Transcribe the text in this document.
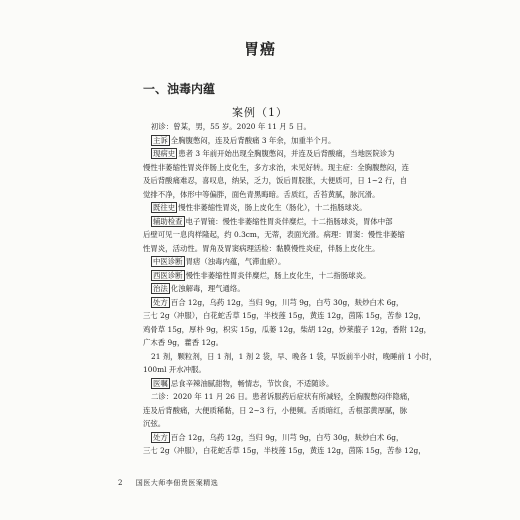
胃癌
一、浊毒内蕴
案例（1）
初诊：曾某，男，55 岁。2020 年 11 月 5 日。
主诉 全胸腹憋闷，连及后背酸痛 3 年余，加重半个月。
现病史 患者 3 年前开始出现全胸腹憋闷，并连及后背酸痛，当地医院诊为
慢性非萎缩性胃炎伴肠上皮化生，多方求治，未见好转。现主症：全胸腹憋闷，连
及后背酸痛难忍，喜叹息，纳呆，乏力，饭后胃脘胀，大便质可，日 1~2 行，自
觉排不净，体形中等偏胖，面色青黑晦暗。舌质红，舌苔黄腻，脉沉滑。
既往史 慢性非萎缩性胃炎，肠上皮化生（肠化），十二指肠球炎。
辅助检查 电子胃镜：慢性非萎缩性胃炎伴糜烂，十二指肠球炎，胃体中部
后壁可见一息肉样隆起，约 0.3cm，无蒂，表面光滑。病理：胃窦：慢性非萎缩
性胃炎，活动性。胃角及胃窦病理活检：黏膜慢性炎症，伴肠上皮化生。
中医诊断 胃痞（浊毒内蕴，气滞血瘀）。
西医诊断 慢性非萎缩性胃炎伴糜烂，肠上皮化生，十二指肠球炎。
治法 化浊解毒，理气通络。
处方 百合 12g，乌药 12g，当归 9g，川芎 9g，白芍 30g，麸炒白术 6g，
三七 2g（冲服），白花蛇舌草 15g，半枝莲 15g，黄连 12g，茵陈 15g，苦参 12g，
鸡骨草 15g，厚朴 9g，枳实 15g，瓜蒌 12g，柴胡 12g，炒莱菔子 12g，香附 12g，
广木香 9g，藿香 12g。
21 剂，颗粒剂，日 1 剂，1 剂 2 袋，早、晚各 1 袋，早饭前半小时，晚睡前 1 小时，
100ml 开水冲服。
医嘱 忌食辛辣油腻甜物，畅情志，节饮食，不适随诊。
二诊：2020 年 11 月 26 日。患者诉服药后症状有所减轻，全胸腹憋闷伴隐痛，
连及后背酸痛，大便质稀黏，日 2~3 行，小便频。舌质暗红，舌根部黄厚腻，脉
沉弦。
处方 百合 12g，乌药 12g，当归 9g，川芎 9g，白芍 30g，麸炒白术 6g，
三七 2g（冲服），白花蛇舌草 15g，半枝莲 15g，黄连 12g，茵陈 15g，苦参 12g，
2 国医大师李佃贵医案精选
